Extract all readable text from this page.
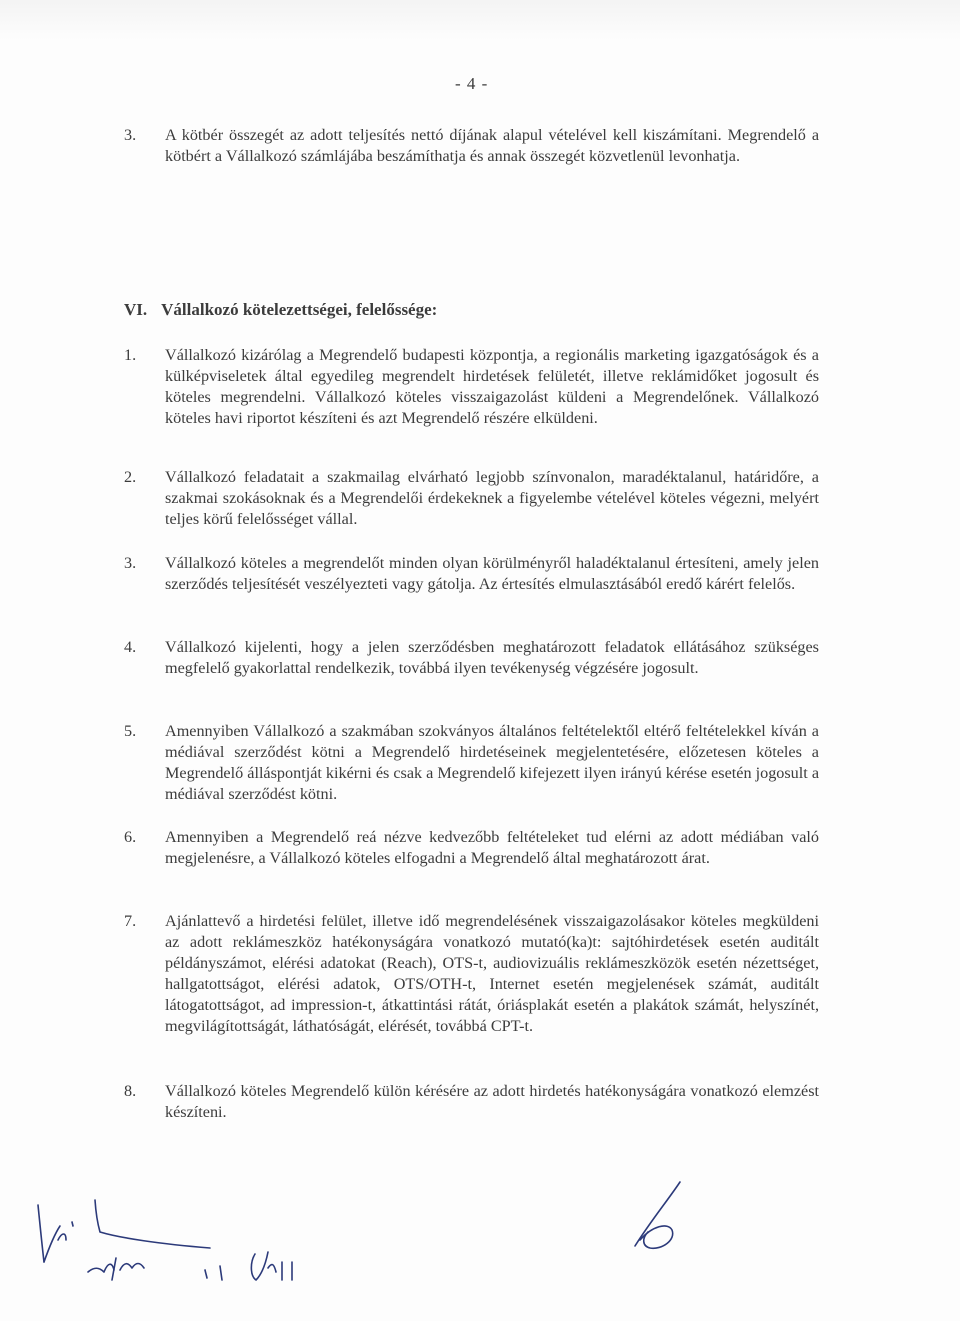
- 4 -
3. A kötbér összegét az adott teljesítés nettó díjának alapul vételével kell kiszámítani. Megrendelő a kötbért a Vállalkozó számlájába beszámíthatja és annak összegét közvetlenül levonhatja.
VI. Vállalkozó kötelezettségei, felelőssége:
1. Vállalkozó kizárólag a Megrendelő budapesti központja, a regionális marketing igazgatóságok és a külképviseletek által egyedileg megrendelt hirdetések felületét, illetve reklámidőket jogosult és köteles megrendelni. Vállalkozó köteles visszaigazolást küldeni a Megrendelőnek. Vállalkozó köteles havi riportot készíteni és azt Megrendelő részére elküldeni.
2. Vállalkozó feladatait a szakmailag elvárható legjobb színvonalon, maradéktalanul, határidőre, a szakmai szokásoknak és a Megrendelői érdekeknek a figyelembe vételével köteles végezni, melyért teljes körű felelősséget vállal.
3. Vállalkozó köteles a megrendelőt minden olyan körülményről haladéktalanul értesíteni, amely jelen szerződés teljesítését veszélyezteti vagy gátolja. Az értesítés elmulasztásából eredő kárért felelős.
4. Vállalkozó kijelenti, hogy a jelen szerződésben meghatározott feladatok ellátásához szükséges megfelelő gyakorlattal rendelkezik, továbbá ilyen tevékenység végzésére jogosult.
5. Amennyiben Vállalkozó a szakmában szokványos általános feltételektől eltérő feltételekkel kíván a médiával szerződést kötni a Megrendelő hirdetéseinek megjelentetésére, előzetesen köteles a Megrendelő álláspontját kikérni és csak a Megrendelő kifejezett ilyen irányú kérése esetén jogosult a médiával szerződést kötni.
6. Amennyiben a Megrendelő reá nézve kedvezőbb feltételeket tud elérni az adott médiában való megjelenésre, a Vállalkozó köteles elfogadni a Megrendelő által meghatározott árat.
7. Ajánlattevő a hirdetési felület, illetve idő megrendelésének visszaigazolásakor köteles megküldeni az adott reklámeszköz hatékonyságára vonatkozó mutató(ka)t: sajtóhirdetések esetén auditált példányszámot, elérési adatokat (Reach), OTS-t, audiovizuális reklámeszközök esetén nézettséget, hallgatottságot, elérési adatok, OTS/OTH-t, Internet esetén megjelenések számát, auditált látogatottságot, ad impression-t, átkattintási rátát, óriásplakát esetén a plakátok számát, helyszínét, megvilágítottságát, láthatóságát, elérését, továbbá CPT-t.
8. Vállalkozó köteles Megrendelő külön kérésére az adott hirdetés hatékonyságára vonatkozó elemzést készíteni.
